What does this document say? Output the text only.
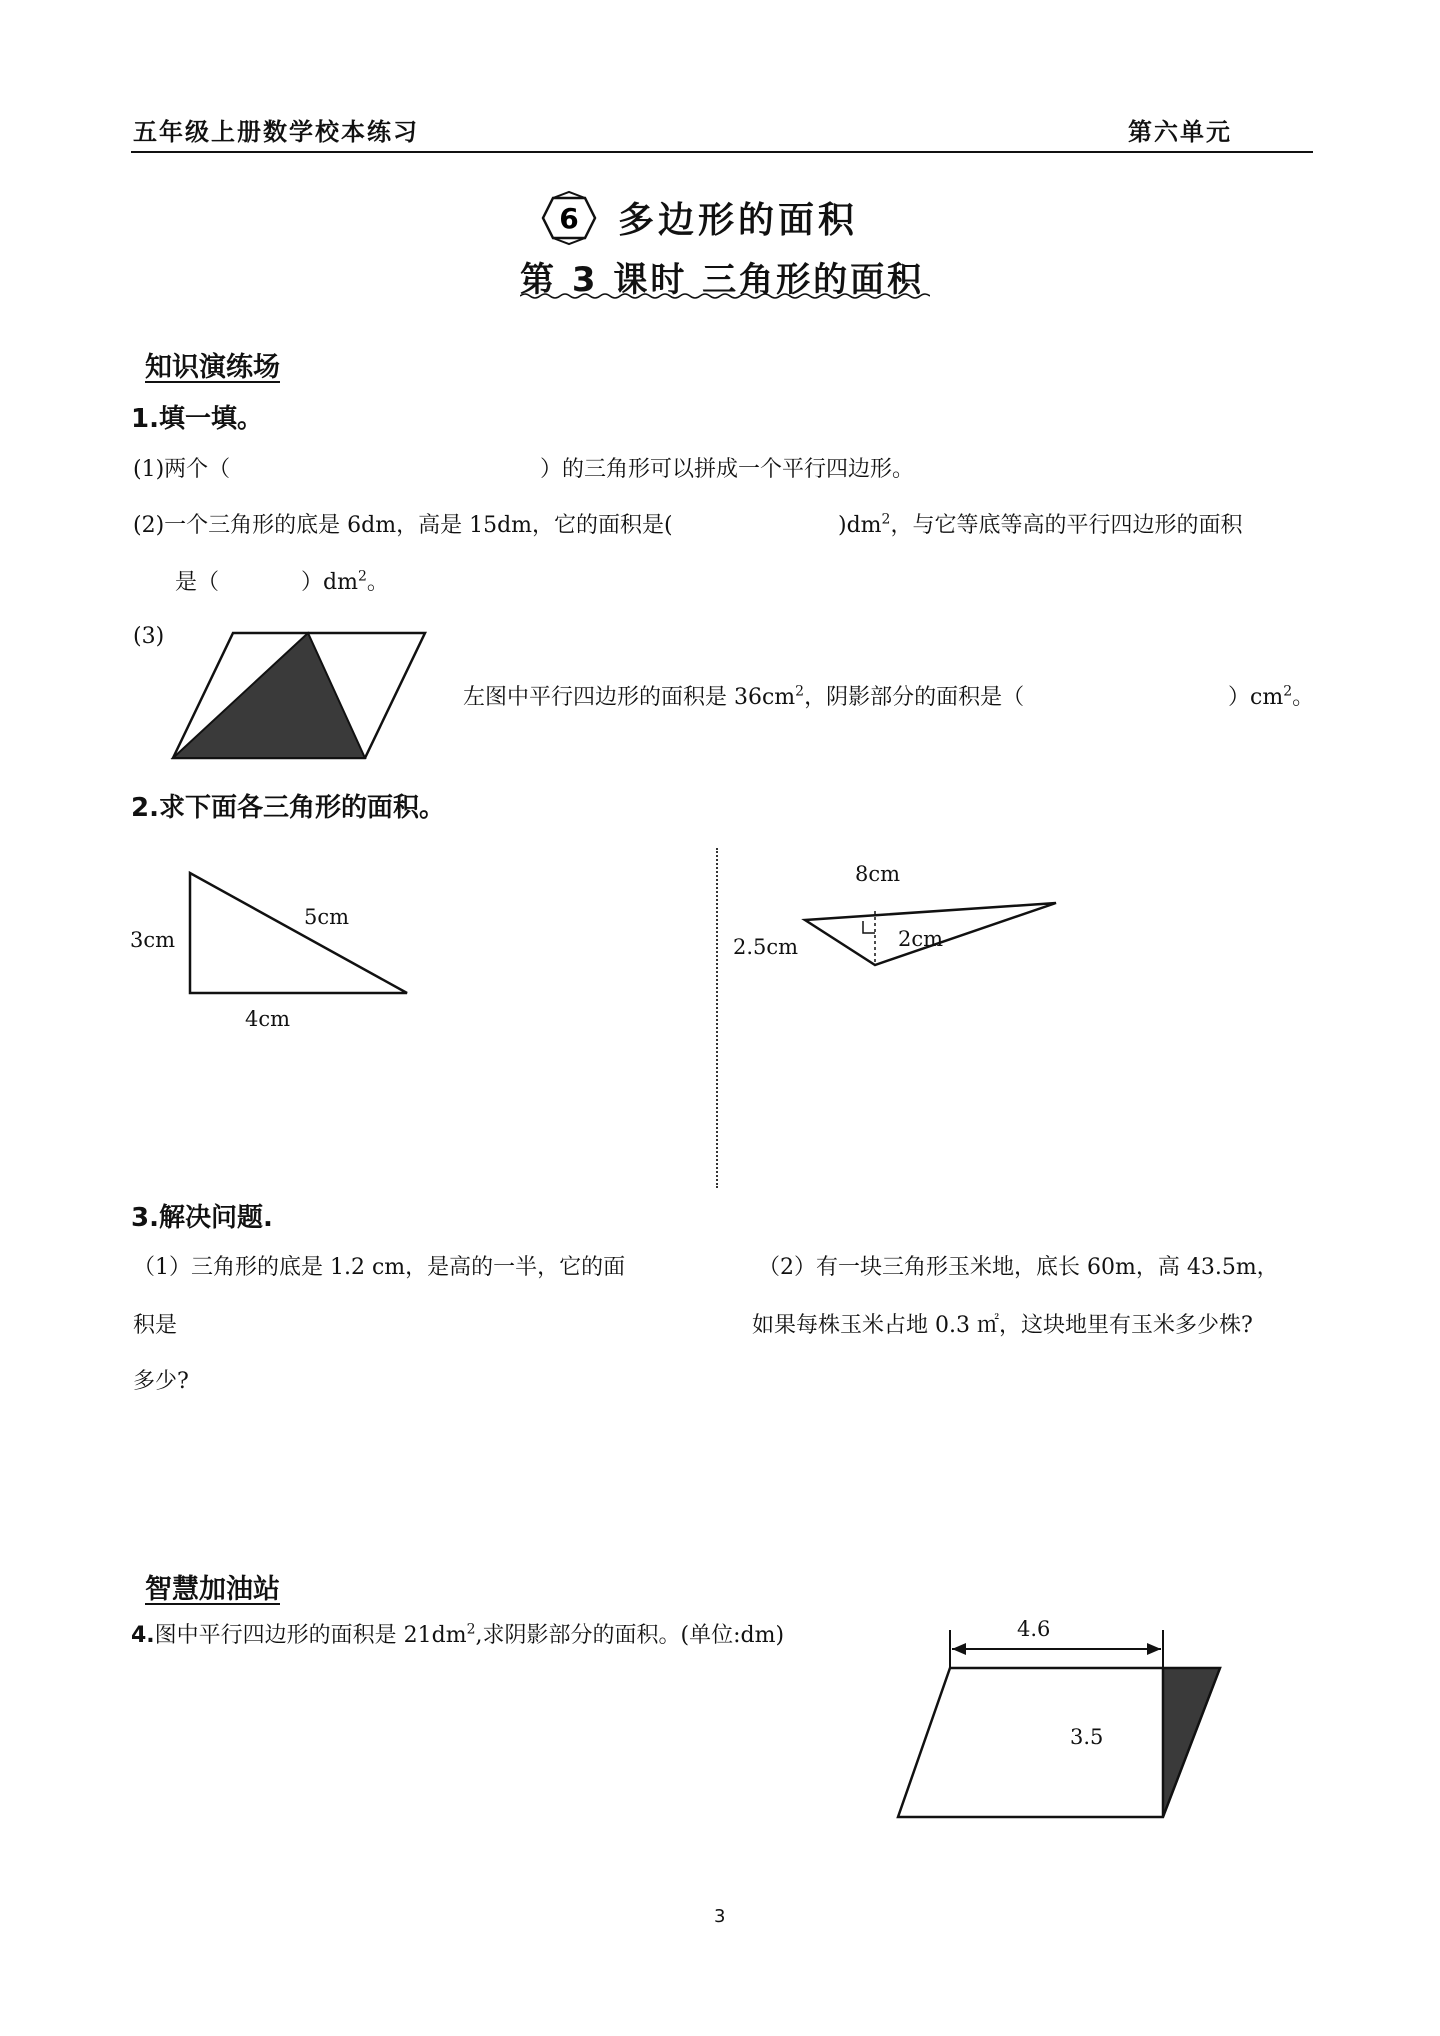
五年级上册数学校本练习	第六单元
6 多边形的面积
第 3 课时 三角形的面积
知识演练场
1.填一填。
(1)两个（	）的三角形可以拼成一个平行四边形。
(2)一个三角形的底是 6dm，高是 15dm，它的面积是(	)$dm^2$，与它等底等高的平行四边形的面积
是（	）$dm^2$。
(3)
左图中平行四边形的面积是 $36cm^2$，阴影部分的面积是（	）$cm^2$。
2.求下面各三角形的面积。
3cm
5cm
4cm
8cm
2.5cm	2cm
3.解决问题.
（1）三角形的底是 1.2 cm，是高的一半，它的面
积是
多少?
（2）有一块三角形玉米地，底长 60m，高 43.5m，
如果每株玉米占地 0.3 ㎡，这块地里有玉米多少株?
智慧加油站
4.图中平行四边形的面积是 $21dm^2$,求阴影部分的面积。(单位:dm)	4.6
3.5
3
